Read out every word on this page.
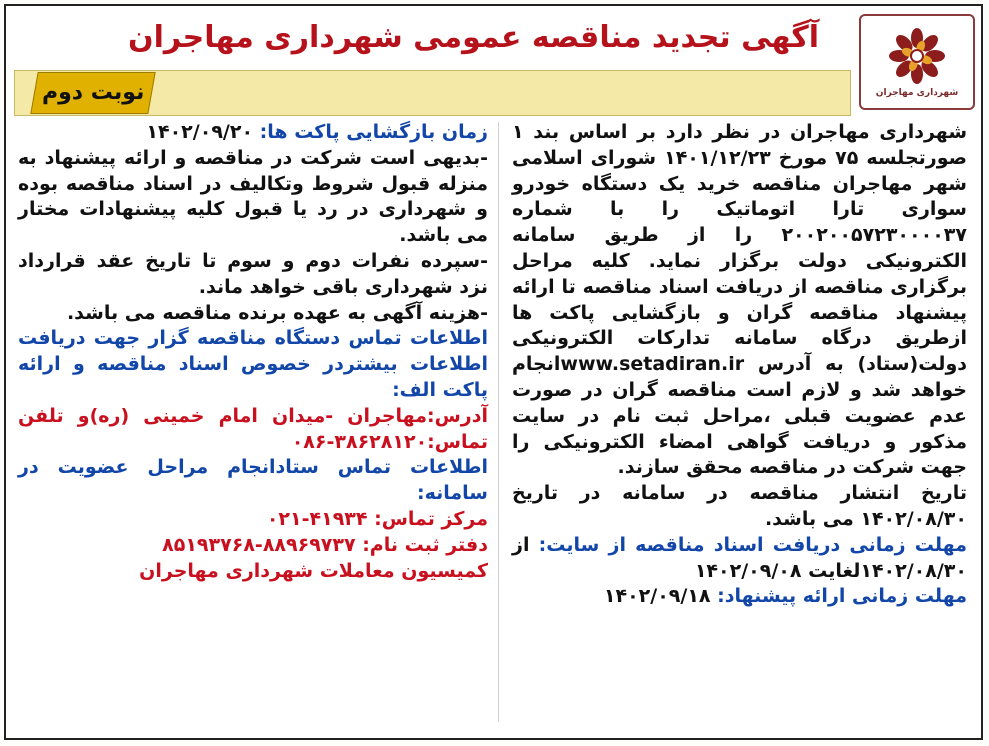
شهرداری مهاجران
آگهی تجدید مناقصه عمومی شهرداری مهاجران
نوبت دوم

شهرداری مهاجران در نظر دارد بر اساس بند ۱ صورتجلسه ۷۵ مورخ ۱۴۰۱/۱۲/۲۳ شورای اسلامی شهر مهاجران مناقصه خرید یک دستگاه خودرو سواری تارا اتوماتیک را با شماره ۲۰۰۲۰۰۵۷۲۳۰۰۰۰۳۷ را از طریق سامانه الکترونیکی دولت برگزار نماید. کلیه مراحل برگزاری مناقصه از دریافت اسناد مناقصه تا ارائه پیشنهاد مناقصه گران و بازگشایی پاکت ها ازطریق درگاه سامانه تدارکات الکترونیکی دولت(ستاد) به آدرس www.setadiran.irانجام خواهد شد و لازم است مناقصه گران در صورت عدم عضویت قبلی ،مراحل ثبت نام در سایت مذکور و دریافت گواهی امضاء الکترونیکی را جهت شرکت در مناقصه محقق سازند.

تاریخ انتشار مناقصه در سامانه در تاریخ ۱۴۰۲/۰۸/۳۰ می باشد.

مهلت زمانی دریافت اسناد مناقصه از سایت: از ۱۴۰۲/۰۸/۳۰لغایت ۱۴۰۲/۰۹/۰۸

مهلت زمانی ارائه پیشنهاد: ۱۴۰۲/۰۹/۱۸

زمان بازگشایی پاکت ها: ۱۴۰۲/۰۹/۲۰

-بدیهی است شرکت در مناقصه و ارائه پیشنهاد به منزله قبول شروط وتکالیف در اسناد مناقصه بوده و شهرداری در رد یا قبول کلیه پیشنهادات مختار می باشد.

-سپرده نفرات دوم و سوم تا تاریخ عقد قرارداد نزد شهرداری باقی خواهد ماند.

-هزینه آگهی به عهده برنده مناقصه می باشد.

اطلاعات تماس دستگاه مناقصه گزار جهت دریافت اطلاعات بیشتردر خصوص اسناد مناقصه و ارائه پاکت الف:

آدرس:مهاجران -میدان امام خمینی (ره)و تلفن تماس:۳۸۶۲۸۱۲۰-۰۸۶

اطلاعات تماس ستادانجام مراحل عضویت در سامانه:

مرکز تماس: ۴۱۹۳۴-۰۲۱

دفتر ثبت نام: ۸۸۹۶۹۷۳۷-۸۵۱۹۳۷۶۸

کمیسیون معاملات شهرداری مهاجران
